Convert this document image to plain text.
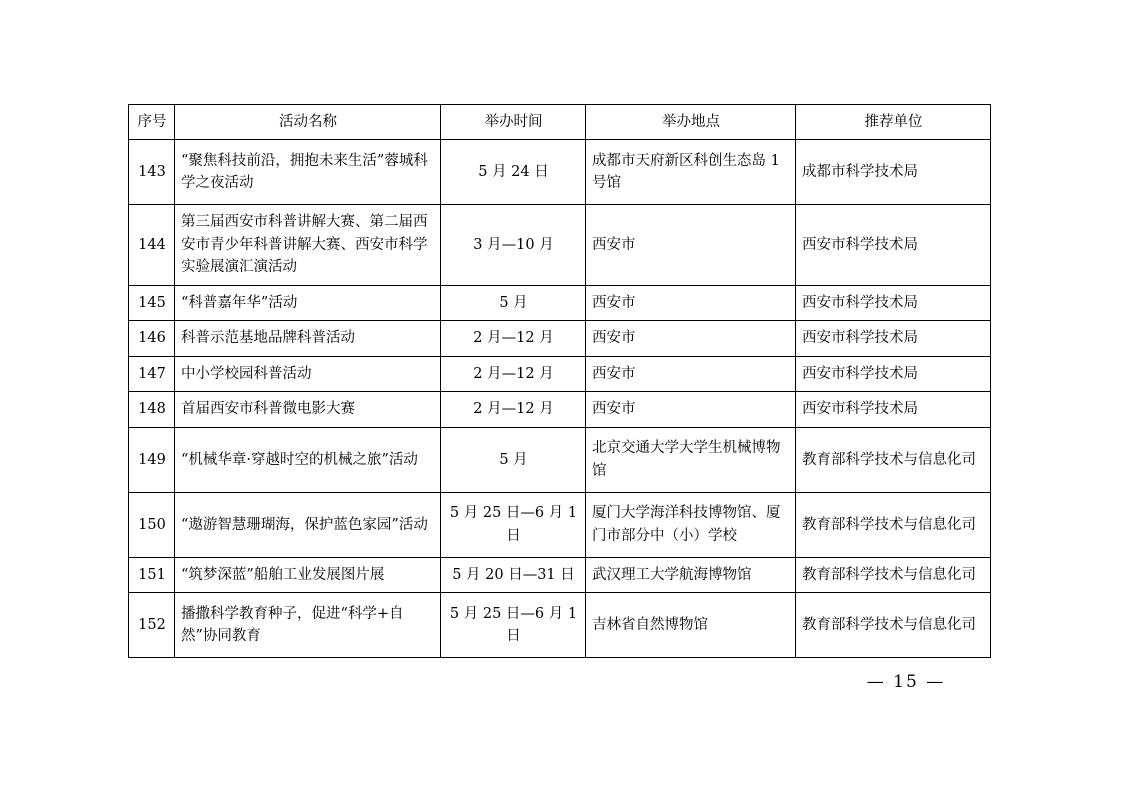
序号	活动名称	举办时间	举办地点	推荐单位
143	“聚焦科技前沿，拥抱未来生活”蓉城科学之夜活动	5 月 24 日	成都市天府新区科创生态岛 1 号馆	成都市科学技术局
144	第三届西安市科普讲解大赛、第二届西安市青少年科普讲解大赛、西安市科学实验展演汇演活动	3 月—10 月	西安市	西安市科学技术局
145	“科普嘉年华”活动	5 月	西安市	西安市科学技术局
146	科普示范基地品牌科普活动	2 月—12 月	西安市	西安市科学技术局
147	中小学校园科普活动	2 月—12 月	西安市	西安市科学技术局
148	首届西安市科普微电影大赛	2 月—12 月	西安市	西安市科学技术局
149	“机械华章·穿越时空的机械之旅”活动	5 月	北京交通大学大学生机械博物馆	教育部科学技术与信息化司
150	“遨游智慧珊瑚海，保护蓝色家园”活动	5 月 25 日—6 月 1 日	厦门大学海洋科技博物馆、厦门市部分中（小）学校	教育部科学技术与信息化司
151	“筑梦深蓝”船舶工业发展图片展	5 月 20 日—31 日	武汉理工大学航海博物馆	教育部科学技术与信息化司
152	播撒科学教育种子，促进“科学+自然”协同教育	5 月 25 日—6 月 1 日	吉林省自然博物馆	教育部科学技术与信息化司
— 15 —
